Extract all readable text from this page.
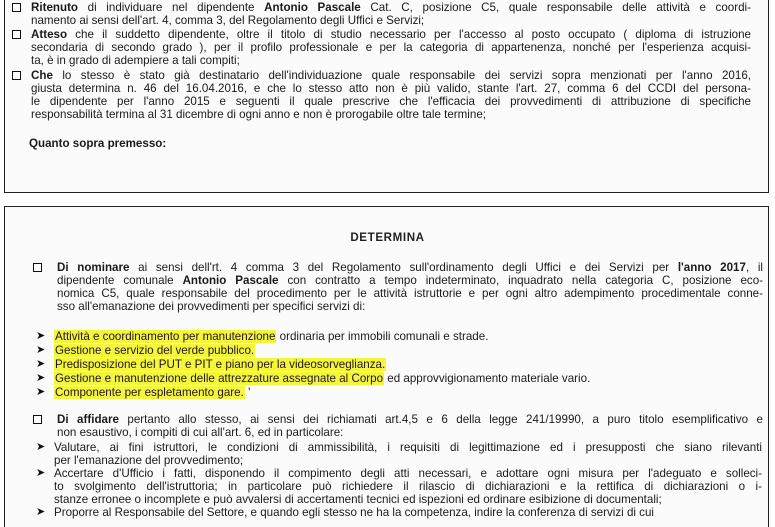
Ritenuto di individuare nel dipendente Antonio Pascale Cat. C, posizione C5, quale responsabile delle attività e coordi-
namento ai sensi dell'art. 4, comma 3, del Regolamento degli Uffici e Servizi;
Atteso che il suddetto dipendente, oltre il titolo di studio necessario per l'accesso al posto occupato ( diploma di istruzione
secondaria di secondo grado ), per il profilo professionale e per la categoria di appartenenza, nonché per l'esperienza acquisi-
ta, è in grado di adempiere a tali compiti;
Che lo stesso è stato già destinatario dell'individuazione quale responsabile dei servizi sopra menzionati per l'anno 2016,
giusta determina n. 46 del 16.04.2016, e che lo stesso atto non è più valido, stante l'art. 27, comma 6 del CCDI del persona-
le dipendente per l'anno 2015 e seguenti il quale prescrive che l'efficacia dei provvedimenti di attribuzione di specifiche
responsabilità termina al 31 dicembre di ogni anno e non è prorogabile oltre tale termine;
Quanto sopra premesso:
DETERMINA
Di nominare ai sensi dell'rt. 4 comma 3 del Regolamento sull'ordinamento degli Uffici e dei Servizi per l'anno 2017, il
dipendente comunale Antonio Pascale con contratto a tempo indeterminato, inquadrato nella categoria C, posizione eco-
nomica C5, quale responsabile del procedimento per le attività istruttorie e per ogni altro adempimento procedimentale conne-
sso all'emanazione dei provvedimenti per specifici servizi di:
➤ Attività e coordinamento per manutenzione ordinaria per immobili comunali e strade.
➤ Gestione e servizio del verde pubblico.
➤ Predisposizione del PUT e PIT e piano per la videosorveglianza.
➤ Gestione e manutenzione delle attrezzature assegnate al Corpo ed approvvigionamento materiale vario.
➤ Componente per espletamento gare. '
Di affidare pertanto allo stesso, ai sensi dei richiamati art.4,5 e 6 della legge 241/19990, a puro titolo esemplificativo e
non esaustivo, i compiti di cui all'art. 6, ed in particolare:
➤ Valutare, ai fini istruttori, le condizioni di ammissibilità, i requisiti di legittimazione ed i presupposti che siano rilevanti
per l'emanazione del provvedimento;
➤ Accertare d'Ufficio i fatti, disponendo il compimento degli atti necessari, e adottare ogni misura per l'adeguato e solleci-
to svolgimento dell'istruttoria; in particolare può richiedere il rilascio di dichiarazioni e la rettifica di dichiarazioni o i-
stanze erronee o incomplete e può avvalersi di accertamenti tecnici ed ispezioni ed ordinare esibizione di documentali;
➤ Proporre al Responsabile del Settore, e quando egli stesso ne ha la competenza, indire la conferenza di servizi di cui
